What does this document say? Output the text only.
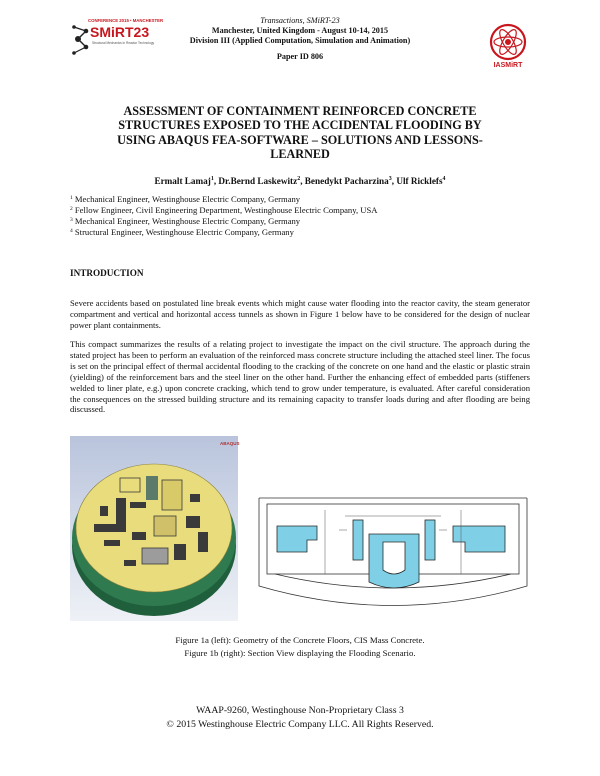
CONFERENCE 2015 • MANCHESTER
SMiRT23
Structural Mechanics in Reactor Technology
IASMiRT
Transactions, SMiRT-23
Manchester, United Kingdom - August 10-14, 2015
Division III (Applied Computation, Simulation and Animation)
Paper ID 806
ASSESSMENT OF CONTAINMENT REINFORCED CONCRETE STRUCTURES EXPOSED TO THE ACCIDENTAL FLOODING BY USING ABAQUS FEA-SOFTWARE – SOLUTIONS AND LESSONS-LEARNED
Ermalt Lamaj$^1$, Dr.Bernd Laskewitz$^2$, Benedykt Pacharzina$^3$, Ulf Ricklefs$^4$
$^1$ Mechanical Engineer, Westinghouse Electric Company, Germany
$^2$ Fellow Engineer, Civil Engineering Department, Westinghouse Electric Company, USA
$^3$ Mechanical Engineer, Westinghouse Electric Company, Germany
$^4$ Structural Engineer, Westinghouse Electric Company, Germany
INTRODUCTION

Severe accidents based on postulated line break events which might cause water flooding into the reactor cavity, the steam generator compartment and vertical and horizontal access tunnels as shown in Figure 1 below have to be considered for the design of nuclear power plant containments.

This compact summarizes the results of a relating project to investigate the impact on the civil structure. The approach during the stated project has been to perform an evaluation of the reinforced mass concrete structure including the attached steel liner. The focus is set on the principal effect of thermal accidental flooding to the cracking of the concrete on one hand and the elastic or plastic strain (yielding) of the reinforcement bars and the steel liner on the other hand. Further the enhancing effect of embedded parts (stiffeners welded to liner plate, e.g.) upon concrete cracking, which tend to grow under temperature, is evaluated. After careful consideration the consequences on the stressed building structure and its remaining capacity to transfer loads during and after flooding are being discussed.

ABAQUS
Figure 1a (left): Geometry of the Concrete Floors, CIS Mass Concrete.
Figure 1b (right): Section View displaying the Flooding Scenario.
WAAP-9260, Westinghouse Non-Proprietary Class 3
© 2015 Westinghouse Electric Company LLC. All Rights Reserved.
